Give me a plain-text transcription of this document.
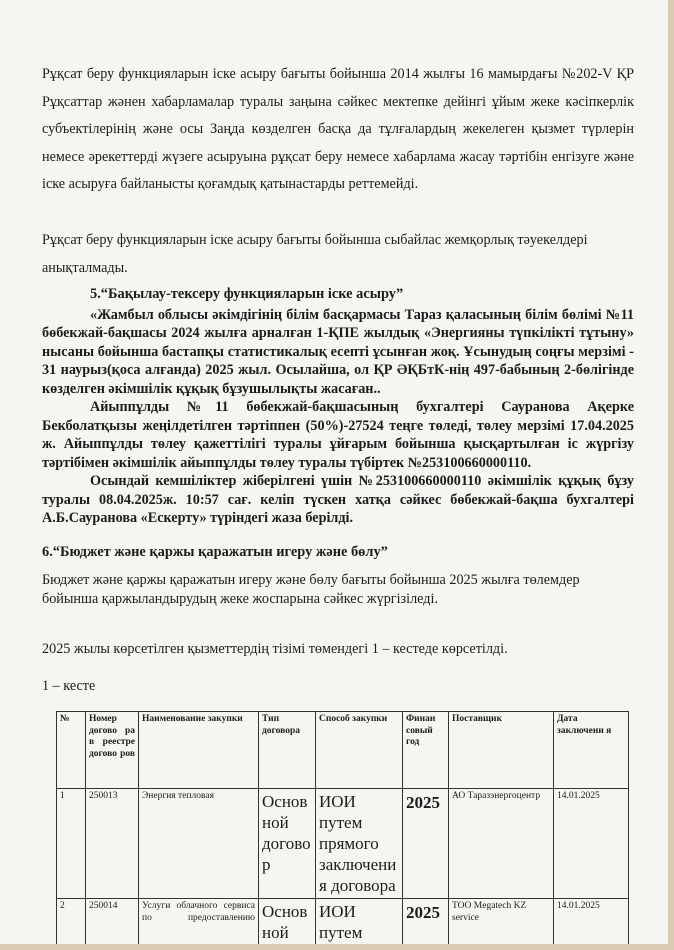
Рұқсат беру функцияларын іске асыру бағыты бойынша 2014 жылғы 16 мамырдағы №202-V ҚР Рұқсаттар жәнен хабарламалар туралы заңына сәйкес мектепке дейінгі ұйым жеке кәсіпкерлік субъектілерінің және осы Заңда көзделген басқа да тұлғалардың жекелеген қызмет түрлерін немесе әрекеттерді жүзеге асыруына рұқсат беру немесе хабарлама жасау тәртібін енгізуге және іске асыруға байланысты қоғамдық қатынастарды реттемейді.

Рұқсат беру функцияларын іске асыру бағыты бойынша сыбайлас жемқорлық тәуекелдері анықталмады.

5.“Бақылау-тексеру функцияларын іске асыру”

«Жамбыл облысы әкімдігінің білім басқармасы Тараз қаласының білім бөлімі №11 бөбекжай-бақшасы 2024 жылға арналған 1-ҚПЕ жылдық «Энергияны түпкілікті тұтыну» нысаны бойынша бастапқы статистикалық есепті ұсынған жоқ. Ұсынудың соңғы мерзімі - 31 наурыз(қоса алғанда) 2025 жыл. Осылайша, ол ҚР ӘҚБтК-нің 497-бабының 2-бөлігінде көзделген әкімшілік құқық бұзушылықты жасаған..

Айыппұлды №11 бөбекжай-бақшасының бухгалтері Сауранова Ақерке Бекболатқызы жеңілдетілген тәртіппен (50%)-27524 теңге төледі, төлеу мерзімі 17.04.2025 ж. Айыппұлды төлеу қажеттілігі туралы ұйғарым бойынша қысқартылған іс жүргізу тәртібімен әкімшілік айыппұлды төлеу туралы түбіртек №253100660000110.

Осындай кемшіліктер жіберілгені үшін №253100660000110 әкімшілік құқық бұзу туралы 08.04.2025ж. 10:57 сағ. келіп түскен хатқа сәйкес бөбекжай-бақша бухгалтері А.Б.Сауранова «Ескерту» түріндегі жаза берілді.

6.“Бюджет және қаржы қаражатын игеру және бөлу”

Бюджет және қаржы қаражатын игеру және бөлу бағыты бойынша 2025 жылға төлемдер бойынша қаржыландырудың жеке жоспарына сәйкес жүргізіледі.

2025 жылы көрсетілген қызметтердің тізімі төмендегі 1 – кестеде көрсетілді.

1 – кесте

№	Номер догово ра в реестре догово ров	Наименование закупки	Тип договора	Способ закупки	Финан совый год	Поставщик	Дата заключени я
1	250013	Энергия тепловая	Основ ной догово р	ИОИ путем прямого заключени я договора	2025	АО Таразэнергоцентр	14.01.2025
2	250014	Услуги облачного сервиса по предоставлению	Основ ной	ИОИ путем	2025	ТОО Megatech KZ service	14.01.2025
